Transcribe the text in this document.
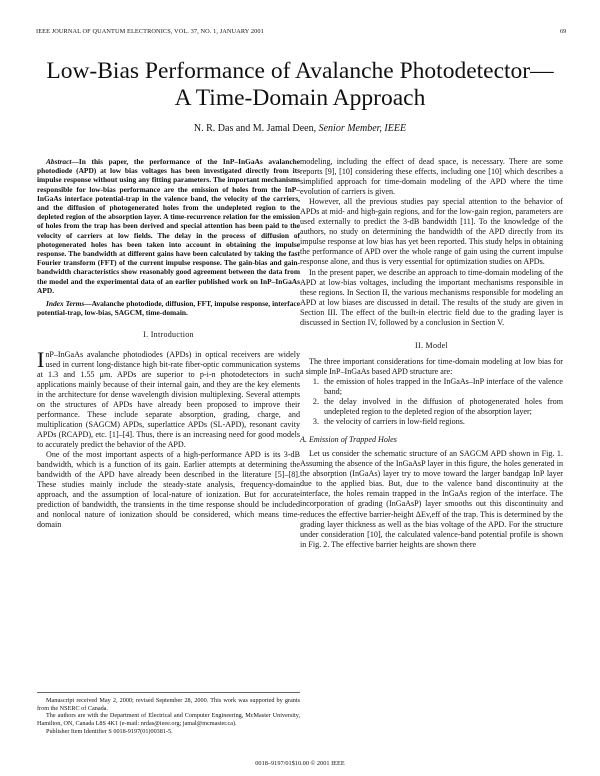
IEEE JOURNAL OF QUANTUM ELECTRONICS, VOL. 37, NO. 1, JANUARY 2001	69
Low-Bias Performance of Avalanche Photodetector—
A Time-Domain Approach
N. R. Das and M. Jamal Deen, Senior Member, IEEE

Abstract—In this paper, the performance of the InP–InGaAs avalanche photodiode (APD) at low bias voltages has been investigated directly from its impulse response without using any fitting parameters. The important mechanisms responsible for low-bias performance are the emission of holes from the InP–InGaAs interface potential-trap in the valence band, the velocity of the carriers, and the diffusion of photogenerated holes from the undepleted region to the depleted region of the absorption layer. A time-recurrence relation for the emission of holes from the trap has been derived and special attention has been paid to the velocity of carriers at low fields. The delay in the process of diffusion of photogenerated holes has been taken into account in obtaining the impulse response. The bandwidth at different gains have been calculated by taking the fast Fourier transform (FFT) of the current impulse response. The gain-bias and gain-bandwidth characteristics show reasonably good agreement between the data from the model and the experimental data of an earlier published work on InP–InGaAs APD.

Index Terms—Avalanche photodiode, diffusion, FFT, impulse response, interface potential-trap, low-bias, SAGCM, time-domain.

I. Introduction

InP–InGaAs avalanche photodiodes (APDs) in optical receivers are widely used in current long-distance high bit-rate fiber-optic communication systems at 1.3 and 1.55 μm. APDs are superior to p-i-n photodetectors in such applications mainly because of their internal gain, and they are the key elements in the architecture for dense wavelength division multiplexing. Several attempts on the structures of APDs have already been proposed to improve their performance. These include separate absorption, grading, charge, and multiplication (SAGCM) APDs, superlattice APDs (SL-APD), resonant cavity APDs (RCAPD), etc. [1]–[4]. Thus, there is an increasing need for good models to accurately predict the behavior of the APD.

One of the most important aspects of a high-performance APD is its 3-dB bandwidth, which is a function of its gain. Earlier attempts at determining the bandwidth of the APD have already been described in the literature [5]–[8]. These studies mainly include the steady-state analysis, frequency-domain approach, and the assumption of local-nature of ionization. But for accurate prediction of bandwidth, the transients in the time response should be included and nonlocal nature of ionization should be considered, which means time-domain

modeling, including the effect of dead space, is necessary. There are some reports [9], [10] considering these effects, including one [10] which describes a simplified approach for time-domain modeling of the APD where the time evolution of carriers is given.

However, all the previous studies pay special attention to the behavior of APDs at mid- and high-gain regions, and for the low-gain region, parameters are used externally to predict the 3-dB bandwidth [11]. To the knowledge of the authors, no study on determining the bandwidth of the APD directly from its impulse response at low bias has yet been reported. This study helps in obtaining the performance of APD over the whole range of gain using the current impulse response alone, and thus is very essential for optimization studies on APDs.

In the present paper, we describe an approach to time-domain modeling of the APD at low-bias voltages, including the important mechanisms responsible in these regions. In Section II, the various mechanisms responsible for modeling an APD at low biases are discussed in detail. The results of the study are given in Section III. The effect of the built-in electric field due to the grading layer is discussed in Section IV, followed by a conclusion in Section V.

II. Model

The three important considerations for time-domain modeling at low bias for a simple InP–InGaAs based APD structure are:

1. the emission of holes trapped in the InGaAs–InP interface of the valence band;
2. the delay involved in the diffusion of photogenerated holes from undepleted region to the depleted region of the absorption layer;
3. the velocity of carriers in low-field regions.
A. Emission of Trapped Holes

Let us consider the schematic structure of an SAGCM APD shown in Fig. 1. Assuming the absence of the InGaAsP layer in this figure, the holes generated in the absorption (InGaAs) layer try to move toward the larger bandgap InP layer due to the applied bias. But, due to the valence band discontinuity at the interface, the holes remain trapped in the InGaAs region of the interface. The incorporation of grading (InGaAsP) layer smooths out this discontinuity and reduces the effective barrier-height ΔEv,eff of the trap. This is determined by the grading layer thickness as well as the bias voltage of the APD. For the structure under consideration [10], the calculated valence-band potential profile is shown in Fig. 2. The effective barrier heights are shown there

Manuscript received May 2, 2000; revised September 28, 2000. This work was supported by grants from the NSERC of Canada.

The authors are with the Department of Electrical and Computer Engineering, McMaster University, Hamilton, ON, Canada L8S 4K1 (e-mail: nrdas@ieee.org; jamal@mcmaster.ca).

Publisher Item Identifier S 0018-9197(01)00381-5.

0018–9197/01$10.00 © 2001 IEEE
